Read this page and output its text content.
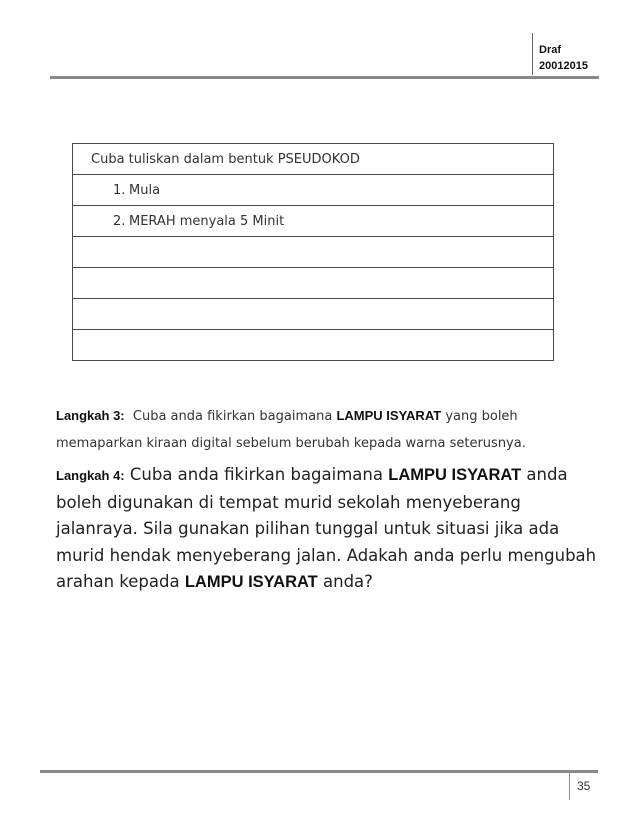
Draf
20012015
Cuba tuliskan dalam bentuk PSEUDOKOD
1. Mula
2. MERAH menyala 5 Minit

Langkah 3: Cuba anda fikirkan bagaimana LAMPU ISYARAT yang boleh memaparkan kiraan digital sebelum berubah kepada warna seterusnya.
Langkah 4: Cuba anda fikirkan bagaimana LAMPU ISYARAT anda boleh digunakan di tempat murid sekolah menyeberang jalanraya. Sila gunakan pilihan tunggal untuk situasi jika ada murid hendak menyeberang jalan. Adakah anda perlu mengubah arahan kepada LAMPU ISYARAT anda?
35
